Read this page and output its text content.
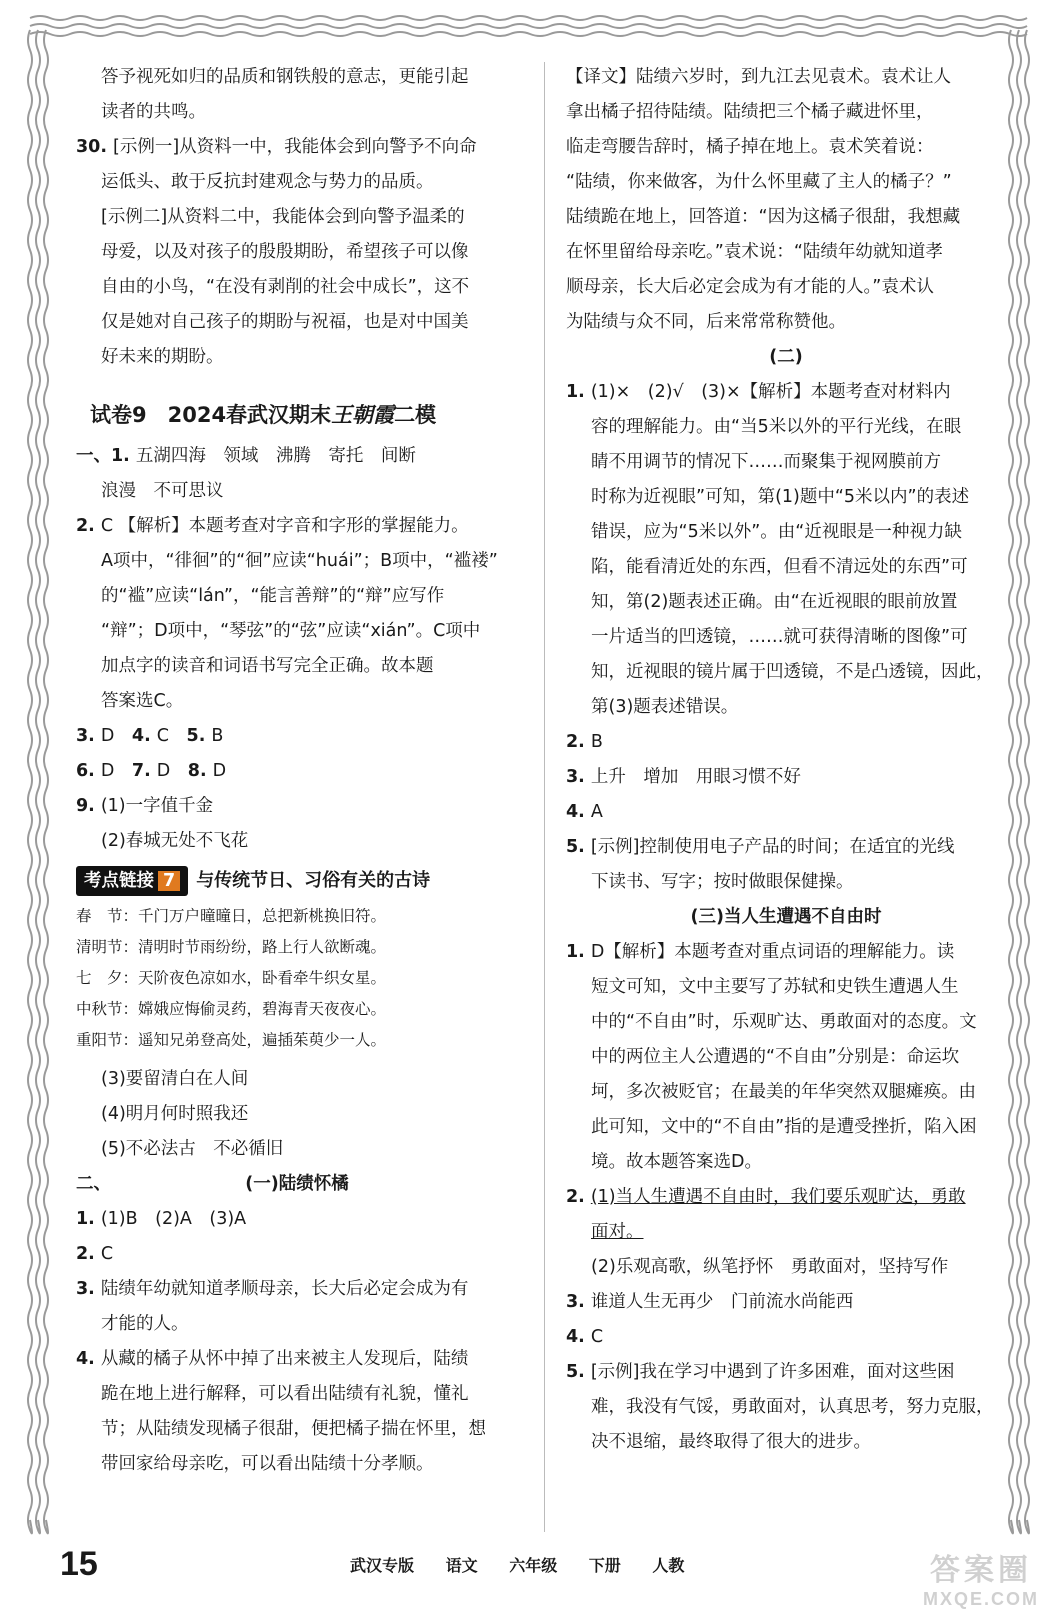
答予视死如归的品质和钢铁般的意志，更能引起
读者的共鸣。
30. [示例一]从资料一中，我能体会到向警予不向命
运低头、敢于反抗封建观念与势力的品质。
[示例二]从资料二中，我能体会到向警予温柔的
母爱，以及对孩子的殷殷期盼，希望孩子可以像
自由的小鸟，“在没有剥削的社会中成长”，这不
仅是她对自己孩子的期盼与祝福，也是对中国美
好未来的期盼。
试卷9　2024春武汉期末王朝霞二模
一、1. 五湖四海　领域　沸腾　寄托　间断
浪漫　不可思议
2. C 【解析】本题考查对字音和字形的掌握能力。
A项中，“徘徊”的“徊”应读“huái”；B项中，“褴褛”
的“褴”应读“lán”，“能言善辩”的“辩”应写作
“辩”；D项中，“琴弦”的“弦”应读“xián”。C项中
加点字的读音和词语书写完全正确。故本题
答案选C。
3. D 4. C 5. B
6. D 7. D 8. D
9. (1)一字值千金
(2)春城无处不飞花
考点链接 7 与传统节日、习俗有关的古诗
春　节：千门万户曈曈日，总把新桃换旧符。
清明节：清明时节雨纷纷，路上行人欲断魂。
七　夕：天阶夜色凉如水，卧看牵牛织女星。
中秋节：嫦娥应悔偷灵药，碧海青天夜夜心。
重阳节：遥知兄弟登高处，遍插茱萸少一人。
(3)要留清白在人间
(4)明月何时照我还
(5)不必法古　不必循旧
二、	(一)陆绩怀橘
1. (1)B　(2)A　(3)A
2. C
3. 陆绩年幼就知道孝顺母亲，长大后必定会成为有
才能的人。
4. 从藏的橘子从怀中掉了出来被主人发现后，陆绩
跪在地上进行解释，可以看出陆绩有礼貌，懂礼
节；从陆绩发现橘子很甜，便把橘子揣在怀里，想
带回家给母亲吃，可以看出陆绩十分孝顺。
【译文】陆绩六岁时，到九江去见袁术。袁术让人
拿出橘子招待陆绩。陆绩把三个橘子藏进怀里，
临走弯腰告辞时，橘子掉在地上。袁术笑着说：
“陆绩，你来做客，为什么怀里藏了主人的橘子？”
陆绩跪在地上，回答道：“因为这橘子很甜，我想藏
在怀里留给母亲吃。”袁术说：“陆绩年幼就知道孝
顺母亲，长大后必定会成为有才能的人。”袁术认
为陆绩与众不同，后来常常称赞他。
(二)
1. (1)×　(2)√　(3)×【解析】本题考查对材料内
容的理解能力。由“当5米以外的平行光线，在眼
睛不用调节的情况下……而聚集于视网膜前方
时称为近视眼”可知，第(1)题中“5米以内”的表述
错误，应为“5米以外”。由“近视眼是一种视力缺
陷，能看清近处的东西，但看不清远处的东西”可
知，第(2)题表述正确。由“在近视眼的眼前放置
一片适当的凹透镜，……就可获得清晰的图像”可
知，近视眼的镜片属于凹透镜，不是凸透镜，因此，
第(3)题表述错误。
2. B
3. 上升　增加　用眼习惯不好
4. A
5. [示例]控制使用电子产品的时间；在适宜的光线
下读书、写字；按时做眼保健操。
(三)当人生遭遇不自由时
1. D【解析】本题考查对重点词语的理解能力。读
短文可知，文中主要写了苏轼和史铁生遭遇人生
中的“不自由”时，乐观旷达、勇敢面对的态度。文
中的两位主人公遭遇的“不自由”分别是：命运坎
坷，多次被贬官；在最美的年华突然双腿瘫痪。由
此可知，文中的“不自由”指的是遭受挫折，陷入困
境。故本题答案选D。
2. (1)当人生遭遇不自由时，我们要乐观旷达，勇敢
面对。
(2)乐观高歌，纵笔抒怀　勇敢面对，坚持写作
3. 谁道人生无再少　门前流水尚能西
4. C
5. [示例]我在学习中遇到了许多困难，面对这些困
难，我没有气馁，勇敢面对，认真思考，努力克服，
决不退缩，最终取得了很大的进步。
15	武汉专版 语文 六年级 下册 人教	答案圈
MXQE.COM
